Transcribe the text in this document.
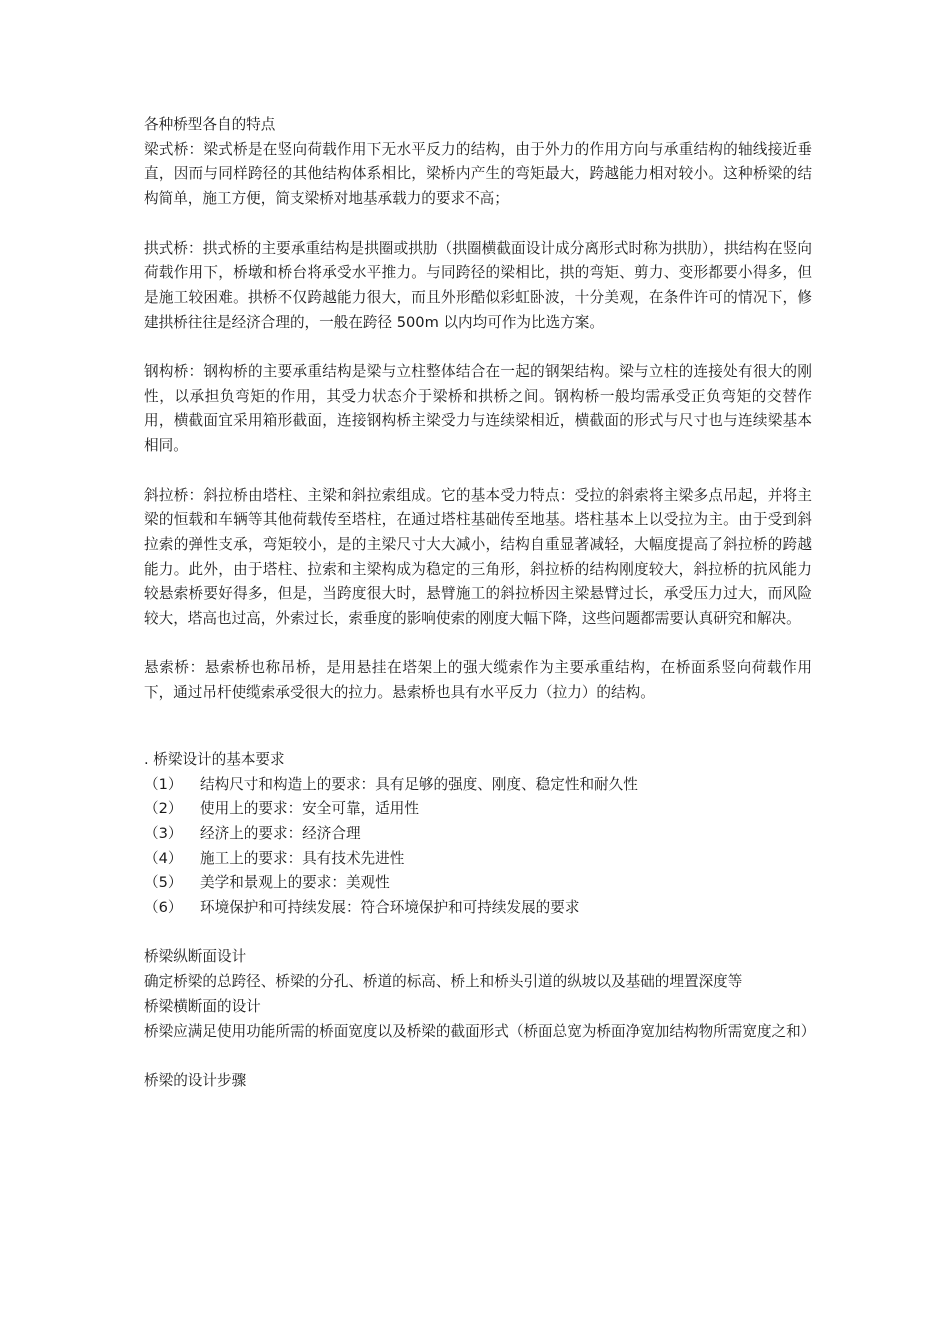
各种桥型各自的特点

梁式桥：梁式桥是在竖向荷载作用下无水平反力的结构，由于外力的作用方向与承重结构的轴线接近垂直，因而与同样跨径的其他结构体系相比，梁桥内产生的弯矩最大，跨越能力相对较小。这种桥梁的结构简单，施工方便，简支梁桥对地基承载力的要求不高；

拱式桥：拱式桥的主要承重结构是拱圈或拱肋（拱圈横截面设计成分离形式时称为拱肋），拱结构在竖向荷载作用下，桥墩和桥台将承受水平推力。与同跨径的梁相比，拱的弯矩、剪力、变形都要小得多，但是施工较困难。拱桥不仅跨越能力很大，而且外形酷似彩虹卧波，十分美观，在条件许可的情况下，修建拱桥往往是经济合理的，一般在跨径 500m 以内均可作为比选方案。

钢构桥：钢构桥的主要承重结构是梁与立柱整体结合在一起的钢架结构。梁与立柱的连接处有很大的刚性，以承担负弯矩的作用，其受力状态介于梁桥和拱桥之间。钢构桥一般均需承受正负弯矩的交替作用，横截面宜采用箱形截面，连接钢构桥主梁受力与连续梁相近，横截面的形式与尺寸也与连续梁基本相同。

斜拉桥：斜拉桥由塔柱、主梁和斜拉索组成。它的基本受力特点：受拉的斜索将主梁多点吊起，并将主梁的恒载和车辆等其他荷载传至塔柱，在通过塔柱基础传至地基。塔柱基本上以受拉为主。由于受到斜拉索的弹性支承，弯矩较小，是的主梁尺寸大大减小，结构自重显著减轻，大幅度提高了斜拉桥的跨越能力。此外，由于塔柱、拉索和主梁构成为稳定的三角形，斜拉桥的结构刚度较大，斜拉桥的抗风能力较悬索桥要好得多，但是，当跨度很大时，悬臂施工的斜拉桥因主梁悬臂过长，承受压力过大，而风险较大，塔高也过高，外索过长，索垂度的影响使索的刚度大幅下降，这些问题都需要认真研究和解决。

悬索桥：悬索桥也称吊桥，是用悬挂在塔架上的强大缆索作为主要承重结构，在桥面系竖向荷载作用下，通过吊杆使缆索承受很大的拉力。悬索桥也具有水平反力（拉力）的结构。

. 桥梁设计的基本要求

（1）	结构尺寸和构造上的要求：具有足够的强度、刚度、稳定性和耐久性
（2）	使用上的要求：安全可靠，适用性
（3）	经济上的要求：经济合理
（4）	施工上的要求：具有技术先进性
（5）	美学和景观上的要求：美观性
（6）	环境保护和可持续发展：符合环境保护和可持续发展的要求

桥梁纵断面设计

确定桥梁的总跨径、桥梁的分孔、桥道的标高、桥上和桥头引道的纵坡以及基础的埋置深度等

桥梁横断面的设计

桥梁应满足使用功能所需的桥面宽度以及桥梁的截面形式（桥面总宽为桥面净宽加结构物所需宽度之和）

桥梁的设计步骤
